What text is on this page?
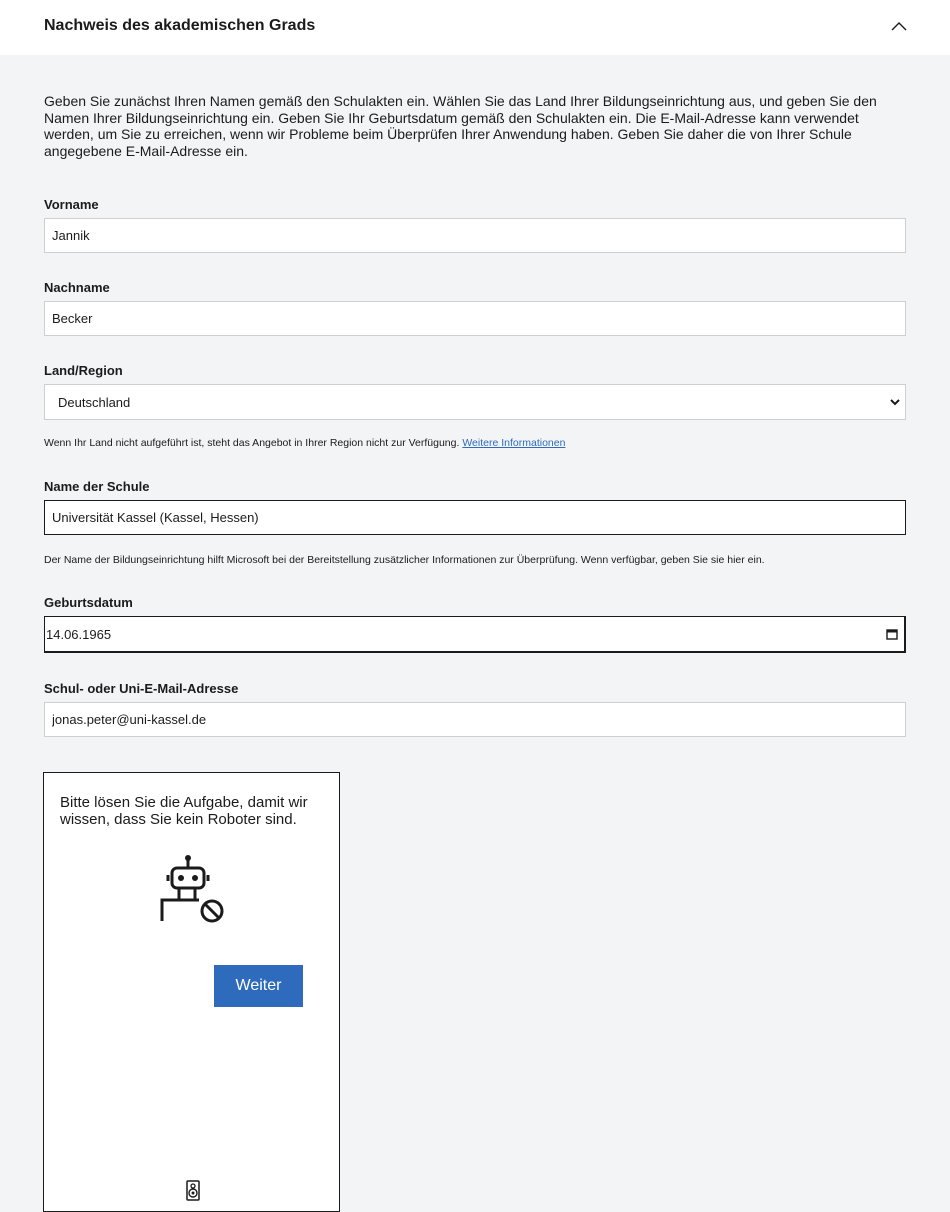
Nachweis des akademischen Grads
Geben Sie zunächst Ihren Namen gemäß den Schulakten ein. Wählen Sie das Land Ihrer Bildungseinrichtung aus, und geben Sie den Namen Ihrer Bildungseinrichtung ein. Geben Sie Ihr Geburtsdatum gemäß den Schulakten ein. Die E-Mail-Adresse kann verwendet werden, um Sie zu erreichen, wenn wir Probleme beim Überprüfen Ihrer Anwendung haben. Geben Sie daher die von Ihrer Schule angegebene E-Mail-Adresse ein.
Vorname
Jannik
Nachname
Becker
Land/Region
Deutschland
Wenn Ihr Land nicht aufgeführt ist, steht das Angebot in Ihrer Region nicht zur Verfügung. Weitere Informationen
Name der Schule
Universität Kassel (Kassel, Hessen)
Der Name der Bildungseinrichtung hilft Microsoft bei der Bereitstellung zusätzlicher Informationen zur Überprüfung. Wenn verfügbar, geben Sie sie hier ein.
Geburtsdatum
14.06.1965
Schul- oder Uni-E-Mail-Adresse
jonas.peter@uni-kassel.de
Bitte lösen Sie die Aufgabe, damit wir wissen, dass Sie kein Roboter sind.
Weiter
